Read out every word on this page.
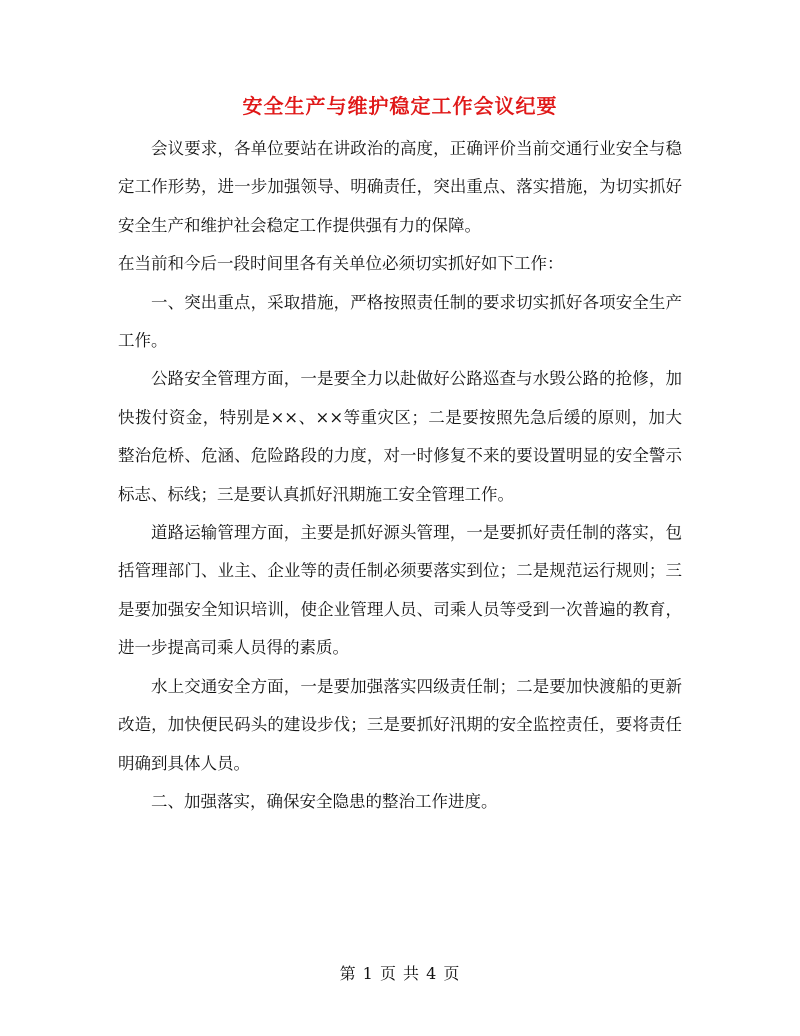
安全生产与维护稳定工作会议纪要

会议要求，各单位要站在讲政治的高度，正确评价当前交通行业安全与稳定工作形势，进一步加强领导、明确责任，突出重点、落实措施，为切实抓好安全生产和维护社会稳定工作提供强有力的保障。

在当前和今后一段时间里各有关单位必须切实抓好如下工作：

一、突出重点，采取措施，严格按照责任制的要求切实抓好各项安全生产工作。

公路安全管理方面，一是要全力以赴做好公路巡查与水毁公路的抢修，加快拨付资金，特别是××、××等重灾区；二是要按照先急后缓的原则，加大整治危桥、危涵、危险路段的力度，对一时修复不来的要设置明显的安全警示标志、标线；三是要认真抓好汛期施工安全管理工作。

道路运输管理方面，主要是抓好源头管理，一是要抓好责任制的落实，包括管理部门、业主、企业等的责任制必须要落实到位；二是规范运行规则；三是要加强安全知识培训，使企业管理人员、司乘人员等受到一次普遍的教育，进一步提高司乘人员得的素质。

水上交通安全方面，一是要加强落实四级责任制；二是要加快渡船的更新改造，加快便民码头的建设步伐；三是要抓好汛期的安全监控责任，要将责任明确到具体人员。

二、加强落实，确保安全隐患的整治工作进度。

第 1 页 共 4 页
